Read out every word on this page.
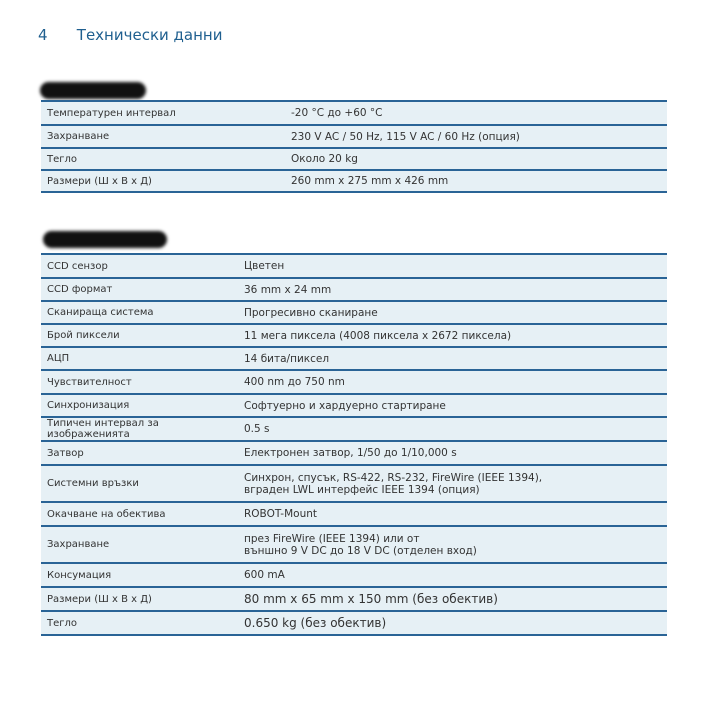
4 Технически данни
Температурен интервал	-20 °C до +60 °C
Захранване	230 V AC / 50 Hz, 115 V AC / 60 Hz (опция)
Тегло	Около 20 kg
Размери (Ш x В x Д)	260 mm x 275 mm x 426 mm
CCD сензор	Цветен
CCD формат	36 mm x 24 mm
Сканираща система	Прогресивно сканиране
Брой пиксели	11 мега пиксела (4008 пиксела x 2672 пиксела)
АЦП	14 бита/пиксел
Чувствителност	400 nm до 750 nm
Синхронизация	Софтуерно и хардуерно стартиране
Типичен интервал за изображенията	0.5 s
Затвор	Електронен затвор, 1/50 до 1/10,000 s
Системни връзки	Синхрон, спусък, RS-422, RS-232, FireWire (IEEE 1394),
вграден LWL интерфейс IEEE 1394 (опция)

Окачване на обектива	ROBOT-Mount
Захранване	през FireWire (IEEE 1394) или от
външно 9 V DC до 18 V DC (отделен вход)

Консумация	600 mA
Размери (Ш x В x Д)	80 mm x 65 mm x 150 mm (без обектив)
Тегло	0.650 kg (без обектив)
